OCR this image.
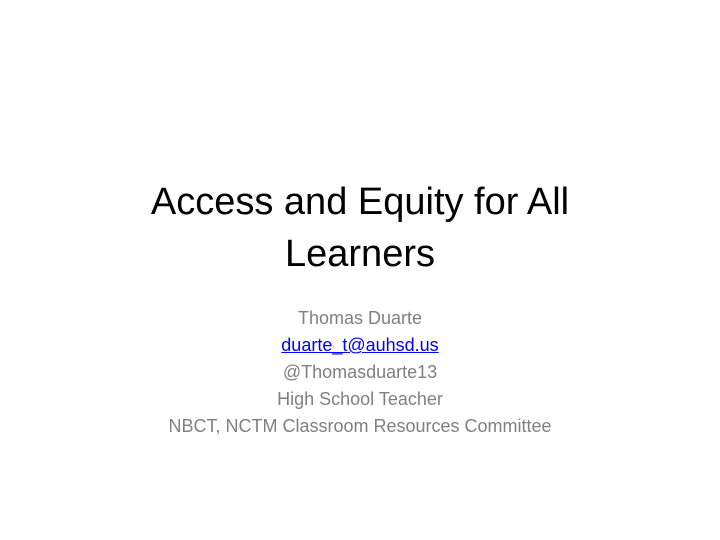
Access and Equity for All
Learners
Thomas Duarte
duarte_t@auhsd.us
@Thomasduarte13
High School Teacher
NBCT, NCTM Classroom Resources Committee
